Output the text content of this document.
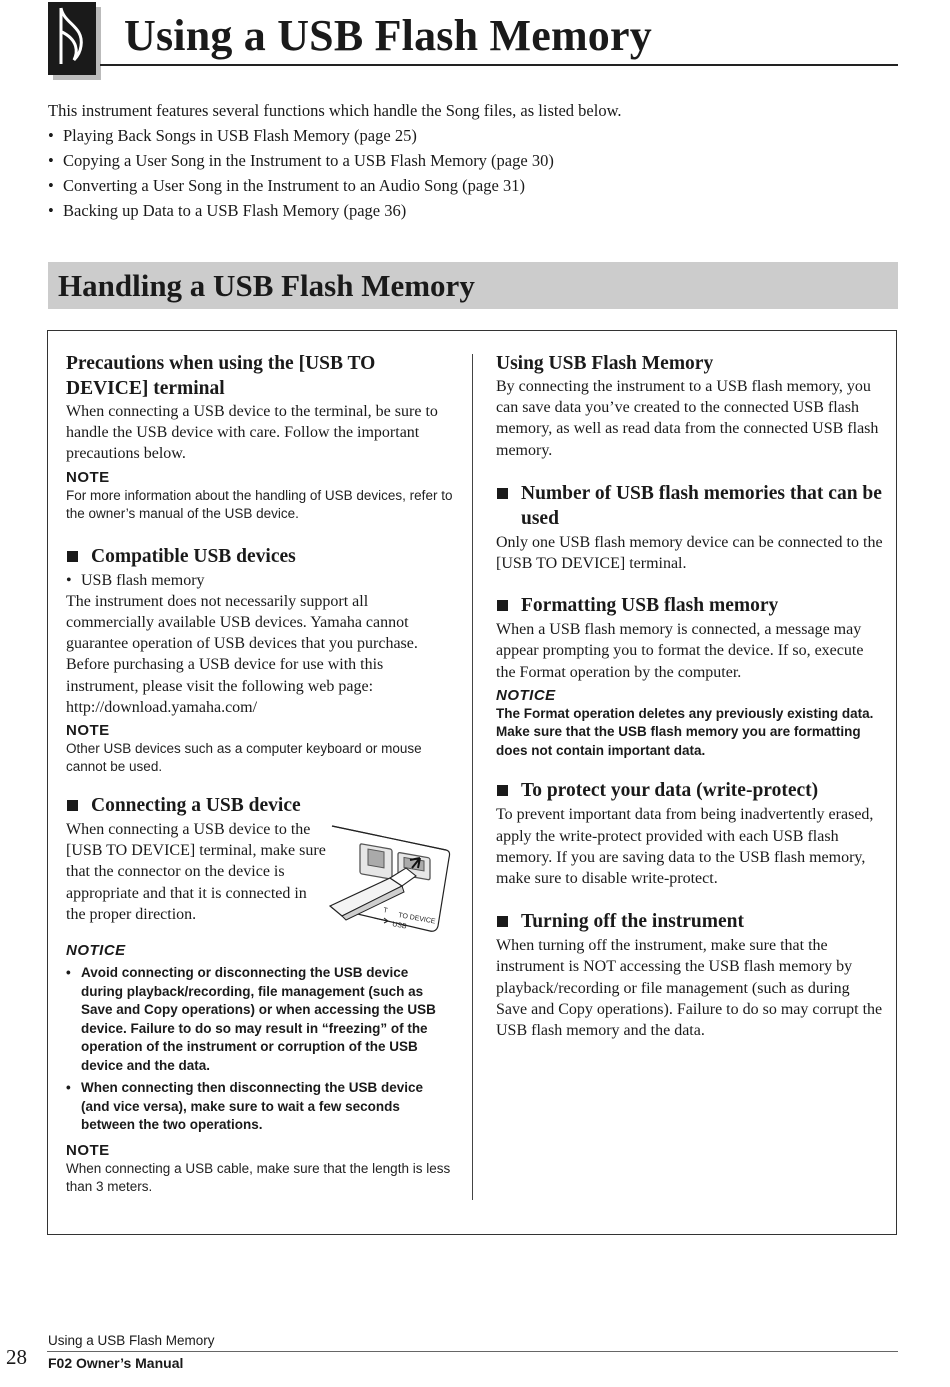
Using a USB Flash Memory

This instrument features several functions which handle the Song files, as listed below.

• Playing Back Songs in USB Flash Memory (page 25)
• Copying a User Song in the Instrument to a USB Flash Memory (page 30)
• Converting a User Song in the Instrument to an Audio Song (page 31)
• Backing up Data to a USB Flash Memory (page 36)
Handling a USB Flash Memory
Precautions when using the [USB TO DEVICE] terminal

When connecting a USB device to the terminal, be sure to handle the USB device with care. Follow the important precautions below.

NOTE
For more information about the handling of USB devices, refer to the owner’s manual of the USB device.
Compatible USB devices

• USB flash memory

The instrument does not necessarily support all commercially available USB devices. Yamaha cannot guarantee operation of USB devices that you purchase. Before purchasing a USB device for use with this instrument, please visit the following web page: http://download.yamaha.com/

NOTE
Other USB devices such as a computer keyboard or mouse cannot be used.
Connecting a USB device

When connecting a USB device to the [USB TO DEVICE] terminal, make sure that the connector on the device is appropriate and that it is connected in the proper direction.

NOTICE
• Avoid connecting or disconnecting the USB device during playback/recording, file management (such as Save and Copy operations) or when accessing the USB device. Failure to do so may result in “freezing” of the operation of the instrument or corruption of the USB device and the data.
• When connecting then disconnecting the USB device (and vice versa), make sure to wait a few seconds between the two operations.
NOTE
When connecting a USB cable, make sure that the length is less than 3 meters.
T
TO DEVICE
USB
Using USB Flash Memory

By connecting the instrument to a USB flash memory, you can save data you’ve created to the connected USB flash memory, as well as read data from the connected USB flash memory.

Number of USB flash memories that can be used

Only one USB flash memory device can be connected to the [USB TO DEVICE] terminal.

Formatting USB flash memory

When a USB flash memory is connected, a message may appear prompting you to format the device. If so, execute the Format operation by the computer.

NOTICE
The Format operation deletes any previously existing data. Make sure that the USB flash memory you are formatting does not contain important data.
To protect your data (write-protect)

To prevent important data from being inadvertently erased, apply the write-protect provided with each USB flash memory. If you are saving data to the USB flash memory, make sure to disable write-protect.

Turning off the instrument

When turning off the instrument, make sure that the instrument is NOT accessing the USB flash memory by playback/recording or file management (such as during Save and Copy operations). Failure to do so may corrupt the USB flash memory and the data.

Using a USB Flash Memory
28 F02 Owner’s Manual
